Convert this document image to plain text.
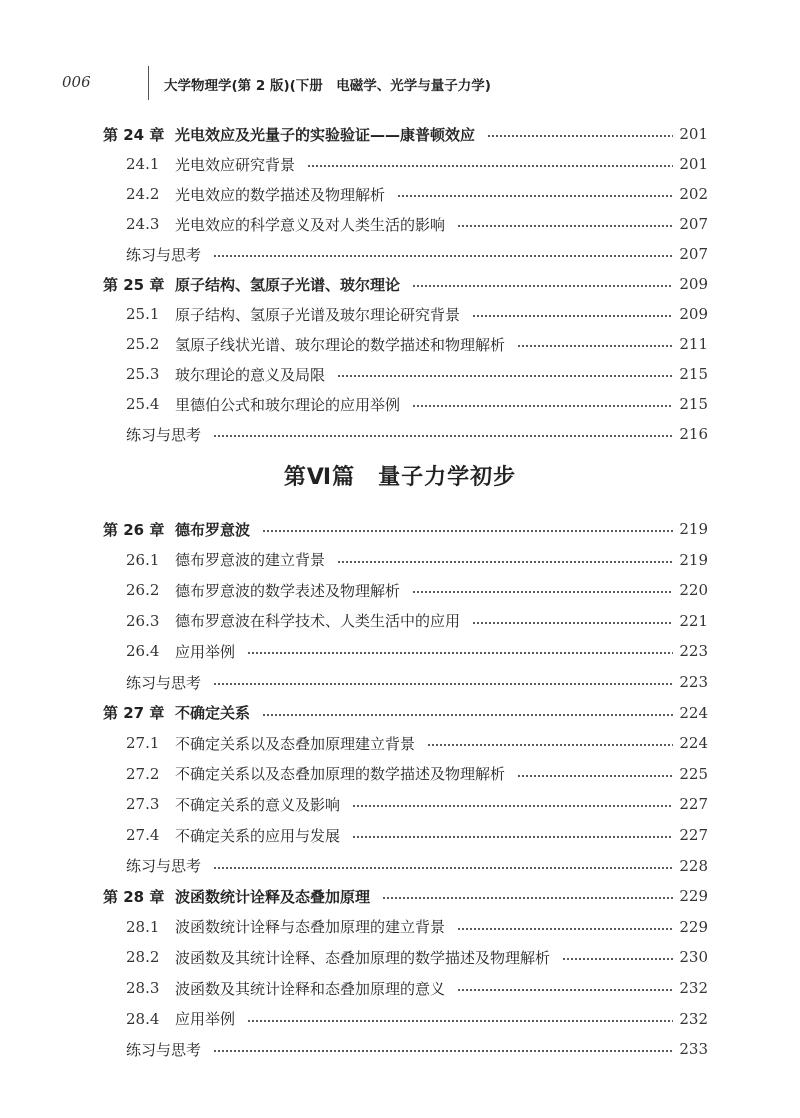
006	大学物理学(第 2 版)(下册　电磁学、光学与量子力学)
第 24 章 光电效应及光量子的实验验证——康普顿效应	201
24.1	光电效应研究背景	201
24.2	光电效应的数学描述及物理解析	202
24.3	光电效应的科学意义及对人类生活的影响	207
练习与思考	207
第 25 章 原子结构、氢原子光谱、玻尔理论	209
25.1	原子结构、氢原子光谱及玻尔理论研究背景	209
25.2	氢原子线状光谱、玻尔理论的数学描述和物理解析	211
25.3	玻尔理论的意义及局限	215
25.4	里德伯公式和玻尔理论的应用举例	215
练习与思考	216
第Ⅵ篇　量子力学初步
第 26 章 德布罗意波	219
26.1	德布罗意波的建立背景	219
26.2	德布罗意波的数学表述及物理解析	220
26.3	德布罗意波在科学技术、人类生活中的应用	221
26.4	应用举例	223
练习与思考	223
第 27 章 不确定关系	224
27.1	不确定关系以及态叠加原理建立背景	224
27.2	不确定关系以及态叠加原理的数学描述及物理解析	225
27.3	不确定关系的意义及影响	227
27.4	不确定关系的应用与发展	227
练习与思考	228
第 28 章 波函数统计诠释及态叠加原理	229
28.1	波函数统计诠释与态叠加原理的建立背景	229
28.2	波函数及其统计诠释、态叠加原理的数学描述及物理解析	230
28.3	波函数及其统计诠释和态叠加原理的意义	232
28.4	应用举例	232
练习与思考	233
